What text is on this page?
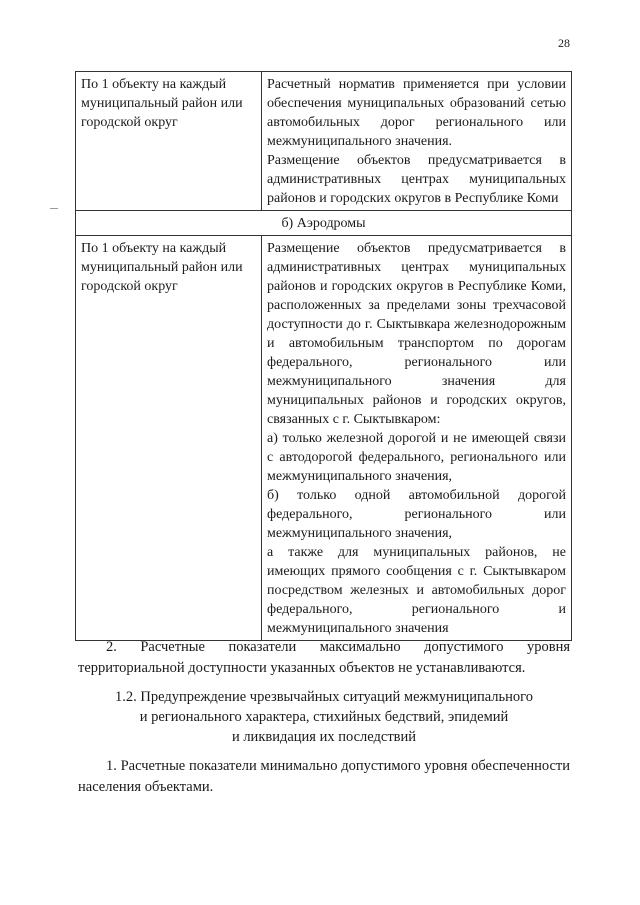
28
По 1 объекту на каждый муниципальный район или городской округ	Расчетный норматив применяется при условии обеспечения муниципальных образований сетью автомобильных дорог регионального или межмуниципального значения.
Размещение объектов предусматривается в административных центрах муниципальных районов и городских округов в Республике Коми

б) Аэродромы	
По 1 объекту на каждый муниципальный район или городской округ	Размещение объектов предусматривается в административных центрах муниципальных районов и городских округов в Республике Коми, расположенных за пределами зоны трехчасовой доступности до г. Сыктывкара железнодорожным и автомобильным транспортом по дорогам федерального, регионального или межмуниципального значения для муниципальных районов и городских округов, связанных с г. Сыктывкаром:
а) только железной дорогой и не имеющей связи с автодорогой федерального, регионального или межмуниципального значения,
б) только одной автомобильной дорогой федерального, регионального или межмуниципального значения,
а также для муниципальных районов, не имеющих прямого сообщения с г. Сыктывкаром посредством железных и автомобильных дорог федерального, регионального и межмуниципального значения
2. Расчетные показатели максимально допустимого уровня территориальной доступности указанных объектов не устанавливаются.
1.2. Предупреждение чрезвычайных ситуаций межмуниципального
и регионального характера, стихийных бедствий, эпидемий
и ликвидация их последствий
1. Расчетные показатели минимально допустимого уровня обеспеченности населения объектами.
